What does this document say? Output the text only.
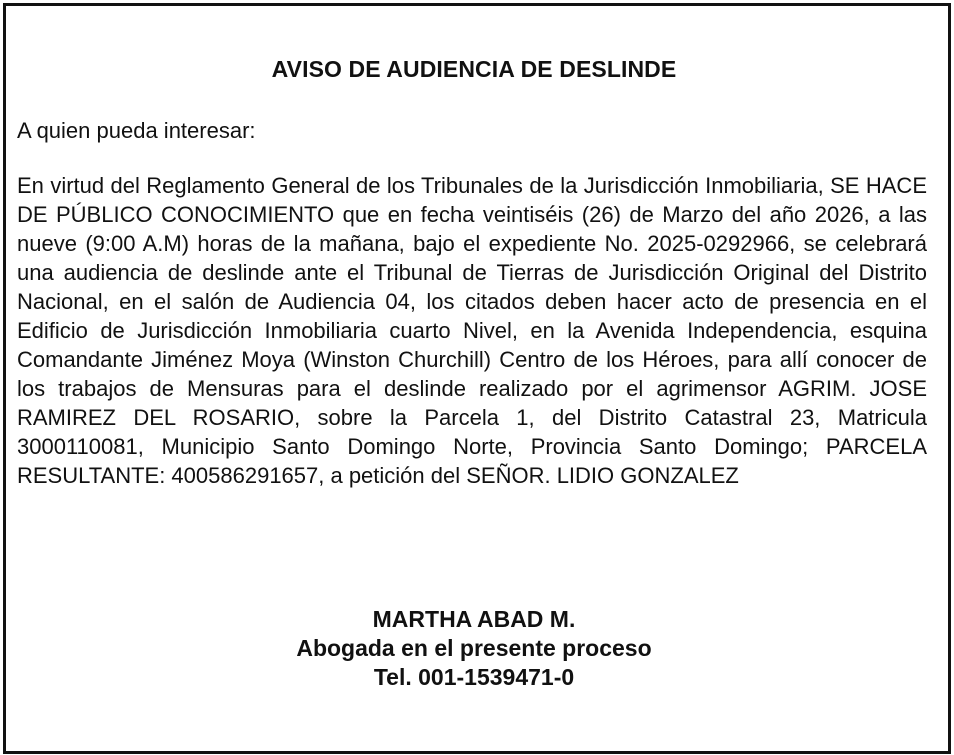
AVISO DE AUDIENCIA DE DESLINDE
A quien pueda interesar:
En virtud del Reglamento General de los Tribunales de la Jurisdicción Inmobiliaria, SE HACE DE PÚBLICO CONOCIMIENTO que en fecha veintiséis (26) de Marzo del año 2026, a las nueve (9:00 A.M) horas de la mañana, bajo el expediente No. 2025-0292966, se celebrará una audiencia de deslinde ante el Tribunal de Tierras de Jurisdicción Original del Distrito Nacional, en el salón de Audiencia 04, los citados deben hacer acto de presencia en el Edificio de Jurisdicción Inmobiliaria cuarto Nivel, en la Avenida Independencia, esquina Comandante Jiménez Moya (Winston Churchill) Centro de los Héroes, para allí conocer de los trabajos de Mensuras para el deslinde realizado por el agrimensor AGRIM. JOSE RAMIREZ DEL ROSARIO, sobre la Parcela 1, del Distrito Catastral 23, Matricula 3000110081, Municipio Santo Domingo Norte, Provincia Santo Domingo; PARCELA RESULTANTE: 400586291657, a petición del SEÑOR. LIDIO GONZALEZ
MARTHA ABAD M.
Abogada en el presente proceso
Tel. 001-1539471-0
